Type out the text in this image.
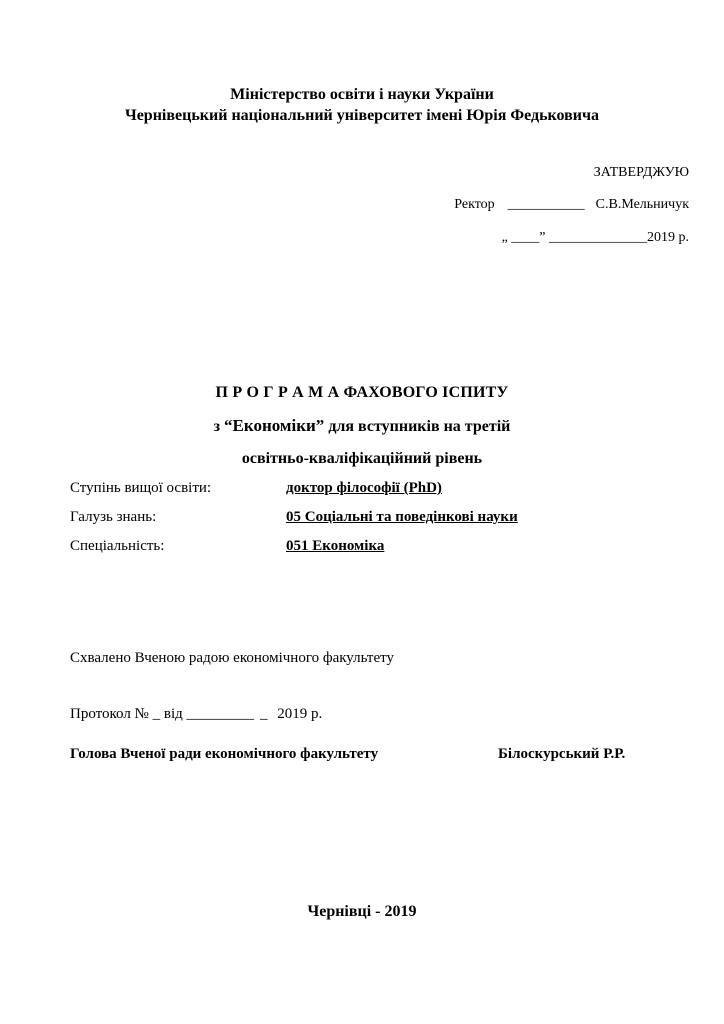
Міністерство освіти і науки України
Чернівецький національний університет імені Юрія Федьковича
ЗАТВЕРДЖУЮ
Ректор ___________ С.В.Мельничук
„ ____” ______________2019 р.
П Р О Г Р А М А ФАХОВОГО ІСПИТУ
з “Економіки” для вступників на третій
освітньо-кваліфікаційний рівень
Ступінь вищої освіти:	доктор філософії (PhD)
Галузь знань:	05 Соціальні та поведінкові науки
Спеціальність:	051 Економіка
Схвалено Вченою радою економічного факультету
Протокол № _ від _________ _ 2019 р.
Голова Вченої ради економічного факультету	Білоскурський Р.Р.
Чернівці - 2019
